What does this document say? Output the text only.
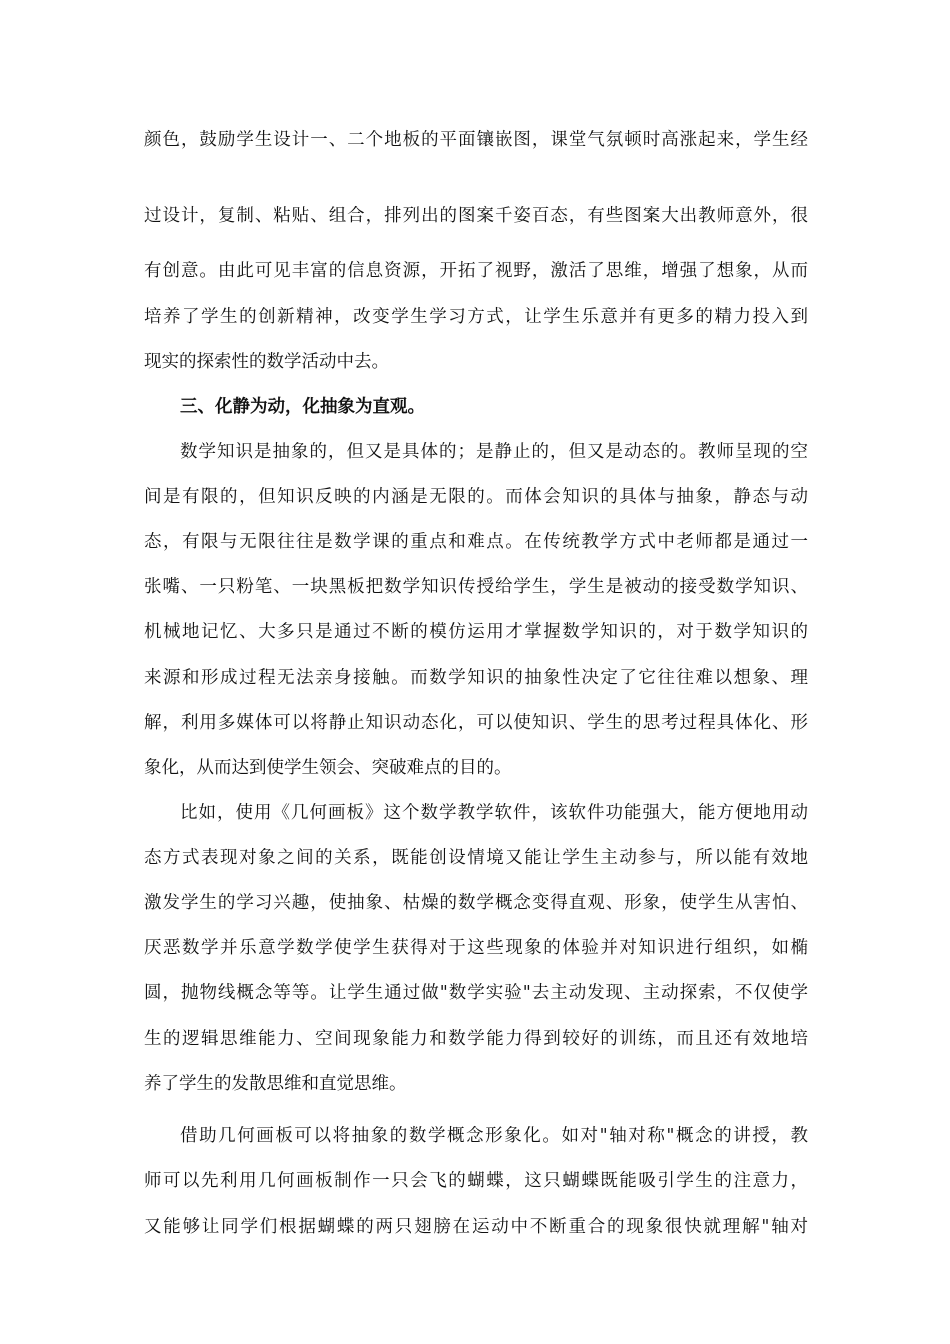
颜色，鼓励学生设计一、二个地板的平面镶嵌图，课堂气氛顿时高涨起来，学生经
过设计，复制、粘贴、组合，排列出的图案千姿百态，有些图案大出教师意外，很
有创意。由此可见丰富的信息资源，开拓了视野，激活了思维，增强了想象，从而
培养了学生的创新精神，改变学生学习方式，让学生乐意并有更多的精力投入到
现实的探索性的数学活动中去。
三、化静为动，化抽象为直观。
数学知识是抽象的，但又是具体的；是静止的，但又是动态的。教师呈现的空
间是有限的，但知识反映的内涵是无限的。而体会知识的具体与抽象，静态与动
态，有限与无限往往是数学课的重点和难点。在传统教学方式中老师都是通过一
张嘴、一只粉笔、一块黑板把数学知识传授给学生，学生是被动的接受数学知识、
机械地记忆、大多只是通过不断的模仿运用才掌握数学知识的，对于数学知识的
来源和形成过程无法亲身接触。而数学知识的抽象性决定了它往往难以想象、理
解，利用多媒体可以将静止知识动态化，可以使知识、学生的思考过程具体化、形
象化，从而达到使学生领会、突破难点的目的。
比如，使用《几何画板》这个数学教学软件，该软件功能强大，能方便地用动
态方式表现对象之间的关系，既能创设情境又能让学生主动参与，所以能有效地
激发学生的学习兴趣，使抽象、枯燥的数学概念变得直观、形象，使学生从害怕、
厌恶数学并乐意学数学使学生获得对于这些现象的体验并对知识进行组织，如椭
圆，抛物线概念等等。让学生通过做"数学实验"去主动发现、主动探索，不仅使学
生的逻辑思维能力、空间现象能力和数学能力得到较好的训练，而且还有效地培
养了学生的发散思维和直觉思维。
借助几何画板可以将抽象的数学概念形象化。如对"轴对称"概念的讲授，教
师可以先利用几何画板制作一只会飞的蝴蝶，这只蝴蝶既能吸引学生的注意力，
又能够让同学们根据蝴蝶的两只翅膀在运动中不断重合的现象很快就理解"轴对
